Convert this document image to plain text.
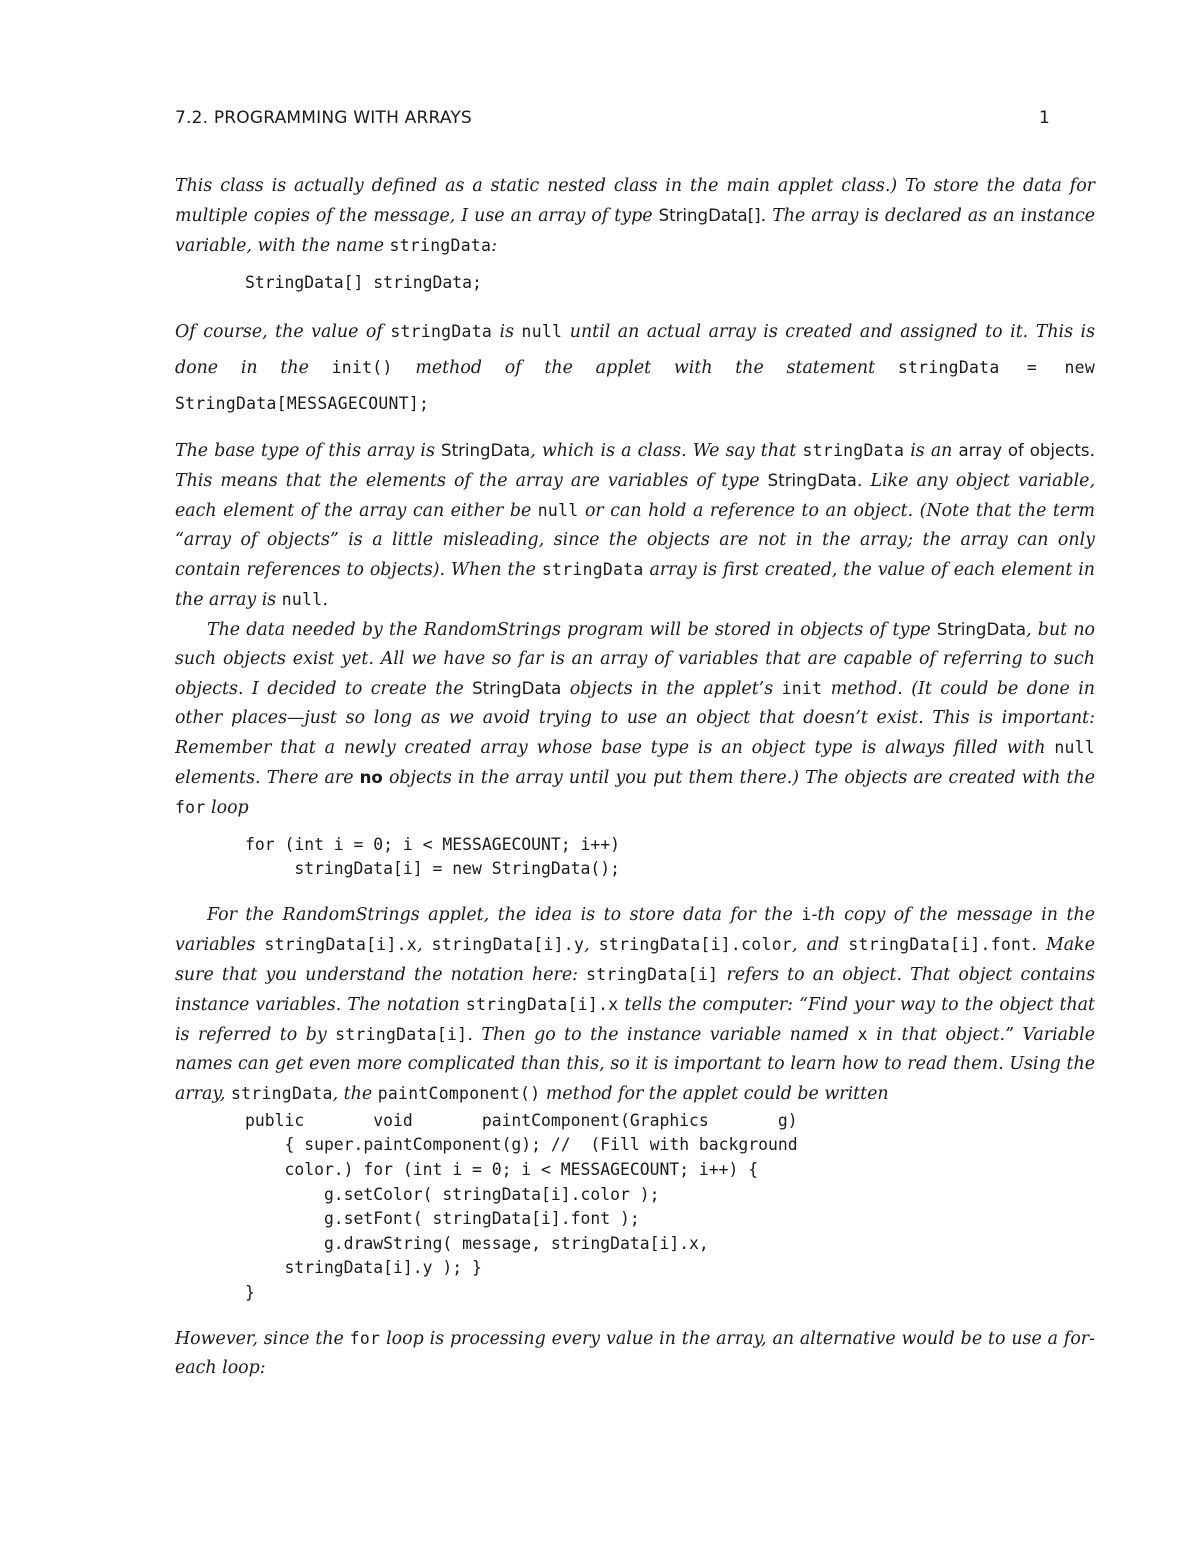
7.2. PROGRAMMING WITH ARRAYS	1

This class is actually defined as a static nested class in the main applet class.) To store the data for multiple copies of the message, I use an array of type StringData[]. The array is declared as an instance variable, with the name stringData:

StringData[] stringData;

Of course, the value of stringData is null until an actual array is created and assigned to it. This is done in the init() method of the applet with the statement stringData = new StringData[MESSAGECOUNT];

The base type of this array is StringData, which is a class. We say that stringData is an array of objects. This means that the elements of the array are variables of type StringData. Like any object variable, each element of the array can either be null or can hold a reference to an object. (Note that the term “array of objects” is a little misleading, since the objects are not in the array; the array can only contain references to objects). When the stringData array is first created, the value of each element in the array is null.

The data needed by the RandomStrings program will be stored in objects of type StringData, but no such objects exist yet. All we have so far is an array of variables that are capable of referring to such objects. I decided to create the StringData objects in the applet’s init method. (It could be done in other places—just so long as we avoid trying to use an object that doesn’t exist. This is important: Remember that a newly created array whose base type is an object type is always filled with null elements. There are no objects in the array until you put them there.) The objects are created with the for loop

for (int i = 0; i < MESSAGECOUNT; i++)
stringData[i] = new StringData();

For the RandomStrings applet, the idea is to store data for the i-th copy of the message in the variables stringData[i].x, stringData[i].y, stringData[i].color, and stringData[i].font. Make sure that you understand the notation here: stringData[i] refers to an object. That object contains instance variables. The notation stringData[i].x tells the computer: “Find your way to the object that is referred to by stringData[i]. Then go to the instance variable named x in that object.” Variable names can get even more complicated than this, so it is important to learn how to read them. Using the array, stringData, the paintComponent() method for the applet could be written

public       void       paintComponent(Graphics       g)
{ super.paintComponent(g); //  (Fill with background
color.) for (int i = 0; i < MESSAGECOUNT; i++) {
g.setColor( stringData[i].color );
g.setFont( stringData[i].font );
g.drawString( message, stringData[i].x,
stringData[i].y ); }
}

However, since the for loop is processing every value in the array, an alternative would be to use a for-each loop:
